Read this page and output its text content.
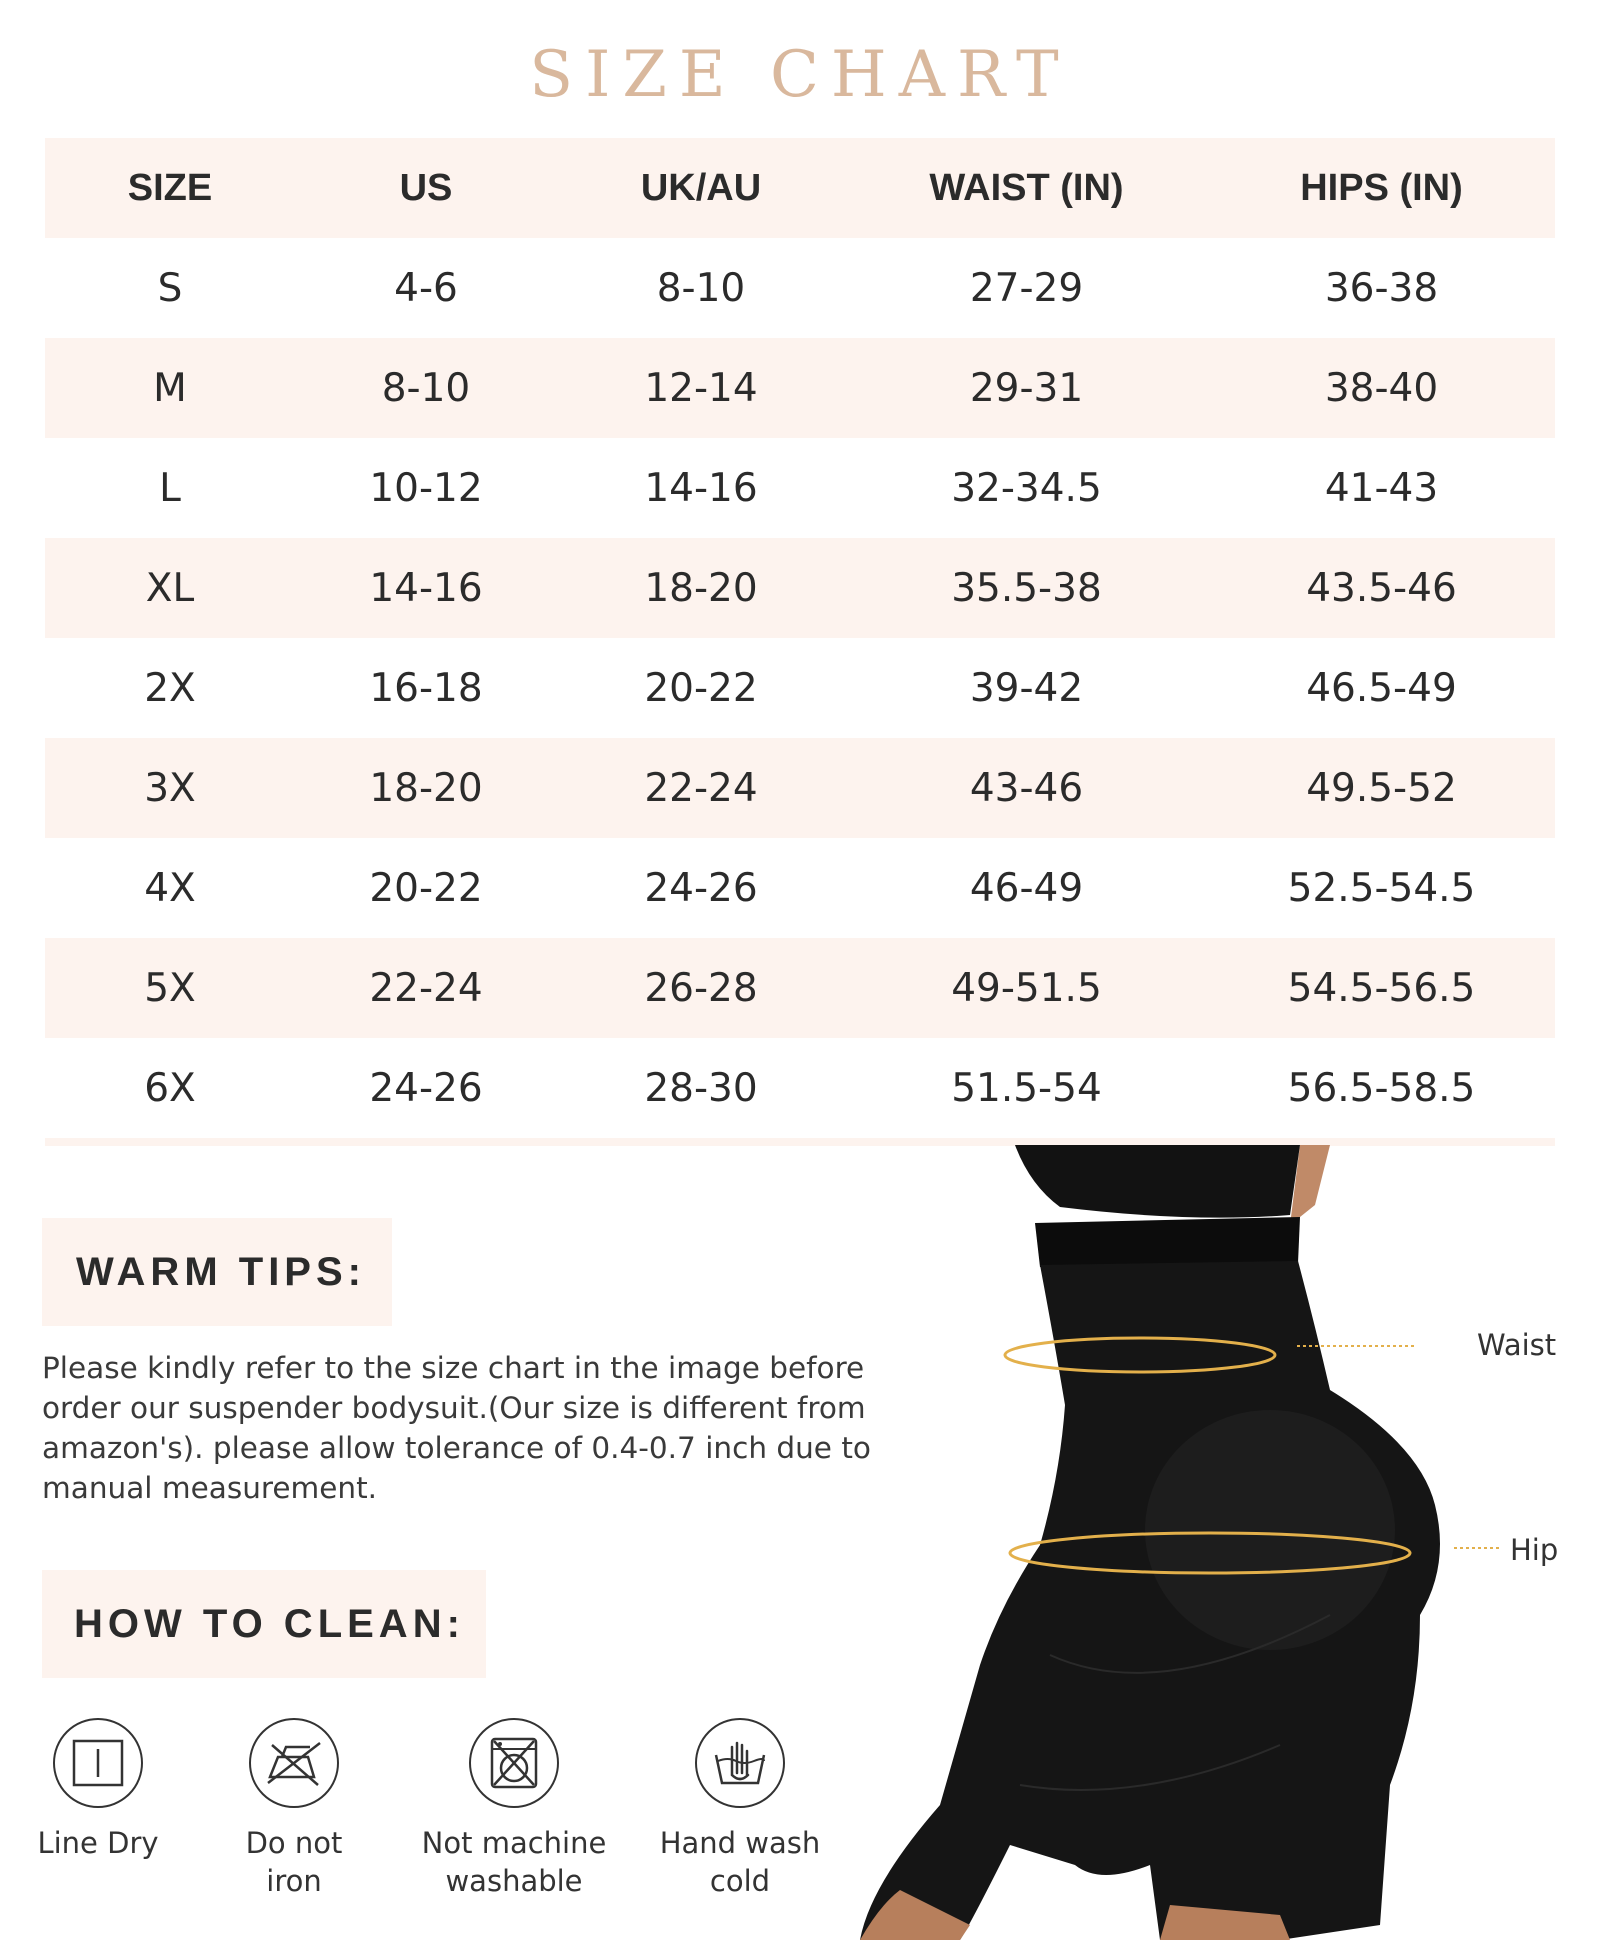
SIZE CHART
SIZE	US	UK/AU	WAIST (IN)	HIPS (IN)
S	4-6	8-10	27-29	36-38
M	8-10	12-14	29-31	38-40
L	10-12	14-16	32-34.5	41-43
XL	14-16	18-20	35.5-38	43.5-46
2X	16-18	20-22	39-42	46.5-49
3X	18-20	22-24	43-46	49.5-52
4X	20-22	24-26	46-49	52.5-54.5
5X	22-24	26-28	49-51.5	54.5-56.5
6X	24-26	28-30	51.5-54	56.5-58.5
WARM TIPS:
Please kindly refer to the size chart in the image before order our suspender bodysuit.(Our size is different from amazon's). please allow tolerance of 0.4-0.7 inch due to manual measurement.
HOW TO CLEAN:
Line Dry	Do not
iron
Not machine
washable
Hand wash
cold
Waist
Hip
